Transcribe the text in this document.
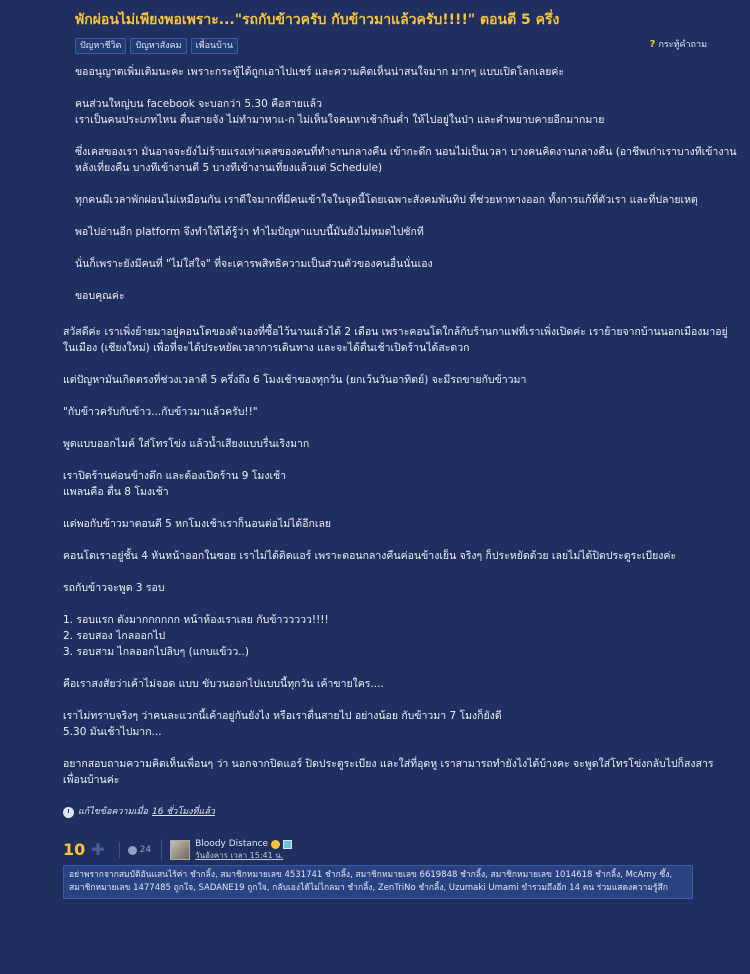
พักผ่อนไม่เพียงพอเพราะ..."รถกับข้าวครับ กับข้าวมาแล้วครับ!!!!" ตอนตี 5 ครึ่ง
ปัญหาชีวิต	ปัญหาสังคม	เพื่อนบ้าน	? กระทู้คำถาม
ขออนุญาตเพิ่มเติมนะคะ เพราะกระทู้ได้ถูกเอาไปแชร์ และความคิดเห็นน่าสนใจมาก มากๆ แบบเปิดโลกเลยค่ะ
คนส่วนใหญ่บน facebook จะบอกว่า 5.30 คือสายแล้ว
เราเป็นคนประเภทไหน ตื่นสายจัง ไม่ทำมาหาแ-ก ไม่เห็นใจคนหาเช้ากินค่ำ ให้ไปอยู่ในป่า และคำหยาบคายอีกมากมาย
ซึ่งเคสของเรา มันอาจจะยังไม่ร้ายแรงเท่าเคสของคนที่ทำงานกลางคืน เข้ากะดึก นอนไม่เป็นเวลา บางคนคิดงานกลางคืน (อาชีพเก่าเราบางทีเข้างาน
หลังเที่ยงคืน บางทีเข้างานตี 5 บางทีเข้างานเที่ยงแล้วแต่ Schedule)
ทุกคนมีเวลาพักผ่อนไม่เหมือนกัน เราดีใจมากที่มีคนเข้าใจในจุดนี้โดยเฉพาะสังคมพันทิป ที่ช่วยหาทางออก ทั้งการแก้ที่ตัวเรา และที่ปลายเหตุ
พอไปอ่านอีก platform จึงทำให้ได้รู้ว่า ทำไมปัญหาแบบนี้มันยังไม่หมดไปซักที
นั่นก็เพราะยังมีคนที่ "ไม่ใส่ใจ" ที่จะเคารพสิทธิความเป็นส่วนตัวของคนอื่นนั่นเอง
ขอบคุณค่ะ
สวัสดีค่ะ เราเพิ่งย้ายมาอยู่คอนโดของตัวเองที่ซื้อไว้นานแล้วได้ 2 เดือน เพราะคอนโดใกล้กับร้านกาแฟที่เราเพิ่งเปิดค่ะ เราย้ายจากบ้านนอกเมืองมาอยู่
ในเมือง (เชียงใหม่) เพื่อที่จะได้ประหยัดเวลาการเดินทาง และจะได้ตื่นเช้าเปิดร้านได้สะดวก
แต่ปัญหามันเกิดตรงที่ช่วงเวลาตี 5 ครึ่งถึง 6 โมงเช้าของทุกวัน (ยกเว้นวันอาทิตย์) จะมีรถขายกับข้าวมา
"กับข้าวครับกับข้าว...กับข้าวมาแล้วครับ!!"
พูดแบบออกไมค์ ใส่โทรโข่ง แล้วน้ำเสียงแบบรื่นเริงมาก
เราปิดร้านค่อนข้างดึก และต้องเปิดร้าน 9 โมงเช้า
แพลนคือ ตื่น 8 โมงเช้า
แต่พอกับข้าวมาตอนตี 5 หกโมงเช้าเราก็นอนต่อไม่ได้อีกเลย
คอนโดเราอยู่ชั้น 4 หันหน้าออกในซอย เราไม่ได้ติดแอร์ เพราะตอนกลางคืนค่อนข้างเย็น จริงๆ ก็ประหยัดด้วย เลยไม่ได้ปิดประตูระเบียงค่ะ
รถกับข้าวจะพูด 3 รอบ
1. รอบแรก ดังมากกกกกก หน้าห้องเราเลย กับข้าววววว!!!!
2. รอบสอง ไกลออกไป
3. รอบสาม ไกลออกไปลิบๆ (แกบแข้วว..)
คือเราสงสัยว่าเค้าไม่จอด แบบ ขับวนออกไปแบบนี้ทุกวัน เค้าขายใคร....
เราไม่ทราบจริงๆ ว่าคนละแวกนี้เค้าอยู่กันยังไง หรือเราตื่นสายไป อย่างน้อย กับข้าวมา 7 โมงก็ยังดี
5.30 มันเช้าไปมาก...
อยากสอบถามความคิดเห็นเพื่อนๆ ว่า นอกจากปิดแอร์ ปิดประตูระเบียง และใส่ที่อุดหู เราสามารถทำยังไงได้บ้างคะ จะพูดใส่โทรโข่งกลับไปก็สงสาร
เพื่อนบ้านค่ะ
แก้ไขข้อความเมื่อ 16 ชั่วโมงที่แล้ว
10 ✚	24
Bloody Distance
วันอังคาร เวลา 15:41 น.
อย่าพรากจากสมบัติอันแสนไร้ค่า ชำกลิ้ง, สมาชิกหมายเลข 4531741 ชำกลิ้ง, สมาชิกหมายเลข 6619848 ชำกลิ้ง, สมาชิกหมายเลข 1014618 ชำกลิ้ง, McAmy ซึ้ง, สมาชิกหมายเลข 1477485 ถูกใจ, SADANE19 ถูกใจ, กลับเองได้ไม่ไกลมา ชำกลิ้ง, ZenTriNo ชำกลิ้ง, Uzumaki Umami ขำรวมถึงอีก 14 คน ร่วมแสดงความรู้สึก
